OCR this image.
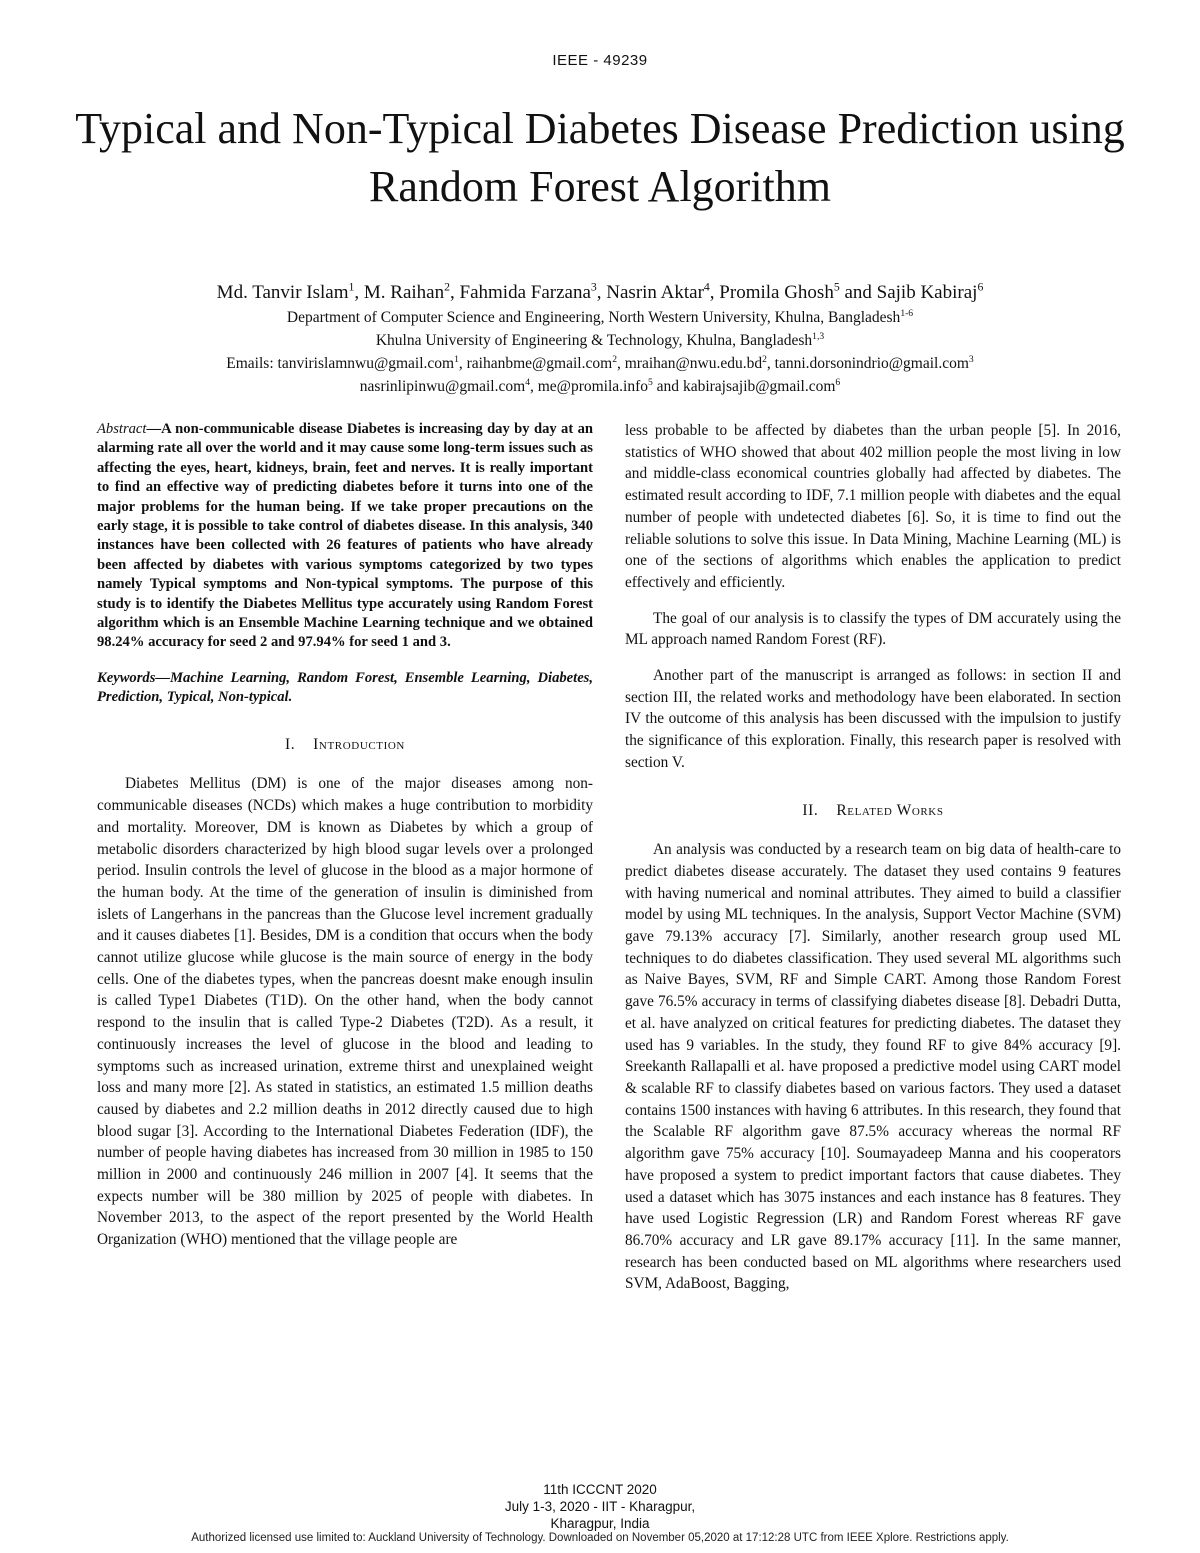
IEEE - 49239
Typical and Non-Typical Diabetes Disease Prediction using Random Forest Algorithm
Md. Tanvir Islam$^1$, M. Raihan$^2$, Fahmida Farzana$^3$, Nasrin Aktar$^4$, Promila Ghosh$^5$ and Sajib Kabiraj$^6$
Department of Computer Science and Engineering, North Western University, Khulna, Bangladesh$^{1-6}$
Khulna University of Engineering & Technology, Khulna, Bangladesh$^{1,3}$
Emails: tanvirislamnwu@gmail.com$^1$, raihanbme@gmail.com$^2$, $mraihan@nwu.edu.bd^2$, tanni.dorsonindrio@gmail.com$^3$
nasrinlipinwu@gmail.com$^4$, me@promila.info$^5$ and kabirajsajib@gmail.com$^6$

Abstract—A non-communicable disease Diabetes is increasing day by day at an alarming rate all over the world and it may cause some long-term issues such as affecting the eyes, heart, kidneys, brain, feet and nerves. It is really important to find an effective way of predicting diabetes before it turns into one of the major problems for the human being. If we take proper precautions on the early stage, it is possible to take control of diabetes disease. In this analysis, 340 instances have been collected with 26 features of patients who have already been affected by diabetes with various symptoms categorized by two types namely Typical symptoms and Non-typical symptoms. The purpose of this study is to identify the Diabetes Mellitus type accurately using Random Forest algorithm which is an Ensemble Machine Learning technique and we obtained 98.24% accuracy for seed 2 and 97.94% for seed 1 and 3.

Keywords—Machine Learning, Random Forest, Ensemble Learning, Diabetes, Prediction, Typical, Non-typical.

I. Introduction

Diabetes Mellitus (DM) is one of the major diseases among non-communicable diseases (NCDs) which makes a huge contribution to morbidity and mortality. Moreover, DM is known as Diabetes by which a group of metabolic disorders characterized by high blood sugar levels over a prolonged period. Insulin controls the level of glucose in the blood as a major hormone of the human body. At the time of the generation of insulin is diminished from islets of Langerhans in the pancreas than the Glucose level increment gradually and it causes diabetes [1]. Besides, DM is a condition that occurs when the body cannot utilize glucose while glucose is the main source of energy in the body cells. One of the diabetes types, when the pancreas doesnt make enough insulin is called Type1 Diabetes (T1D). On the other hand, when the body cannot respond to the insulin that is called Type-2 Diabetes (T2D). As a result, it continuously increases the level of glucose in the blood and leading to symptoms such as increased urination, extreme thirst and unexplained weight loss and many more [2]. As stated in statistics, an estimated 1.5 million deaths caused by diabetes and 2.2 million deaths in 2012 directly caused due to high blood sugar [3]. According to the International Diabetes Federation (IDF), the number of people having diabetes has increased from 30 million in 1985 to 150 million in 2000 and continuously 246 million in 2007 [4]. It seems that the expects number will be 380 million by 2025 of people with diabetes. In November 2013, to the aspect of the report presented by the World Health Organization (WHO) mentioned that the village people are

less probable to be affected by diabetes than the urban people [5]. In 2016, statistics of WHO showed that about 402 million people the most living in low and middle-class economical countries globally had affected by diabetes. The estimated result according to IDF, 7.1 million people with diabetes and the equal number of people with undetected diabetes [6]. So, it is time to find out the reliable solutions to solve this issue. In Data Mining, Machine Learning (ML) is one of the sections of algorithms which enables the application to predict effectively and efficiently.

The goal of our analysis is to classify the types of DM accurately using the ML approach named Random Forest (RF).

Another part of the manuscript is arranged as follows: in section II and section III, the related works and methodology have been elaborated. In section IV the outcome of this analysis has been discussed with the impulsion to justify the significance of this exploration. Finally, this research paper is resolved with section V.

II. Related Works

An analysis was conducted by a research team on big data of health-care to predict diabetes disease accurately. The dataset they used contains 9 features with having numerical and nominal attributes. They aimed to build a classifier model by using ML techniques. In the analysis, Support Vector Machine (SVM) gave 79.13% accuracy [7]. Similarly, another research group used ML techniques to do diabetes classification. They used several ML algorithms such as Naive Bayes, SVM, RF and Simple CART. Among those Random Forest gave 76.5% accuracy in terms of classifying diabetes disease [8]. Debadri Dutta, et al. have analyzed on critical features for predicting diabetes. The dataset they used has 9 variables. In the study, they found RF to give 84% accuracy [9]. Sreekanth Rallapalli et al. have proposed a predictive model using CART model & scalable RF to classify diabetes based on various factors. They used a dataset contains 1500 instances with having 6 attributes. In this research, they found that the Scalable RF algorithm gave 87.5% accuracy whereas the normal RF algorithm gave 75% accuracy [10]. Soumayadeep Manna and his cooperators have proposed a system to predict important factors that cause diabetes. They used a dataset which has 3075 instances and each instance has 8 features. They have used Logistic Regression (LR) and Random Forest whereas RF gave 86.70% accuracy and LR gave 89.17% accuracy [11]. In the same manner, research has been conducted based on ML algorithms where researchers used SVM, AdaBoost, Bagging,

11th ICCCNT 2020
July 1-3, 2020 - IIT - Kharagpur,
Kharagpur, India
Authorized licensed use limited to: Auckland University of Technology. Downloaded on November 05,2020 at 17:12:28 UTC from IEEE Xplore. Restrictions apply.
